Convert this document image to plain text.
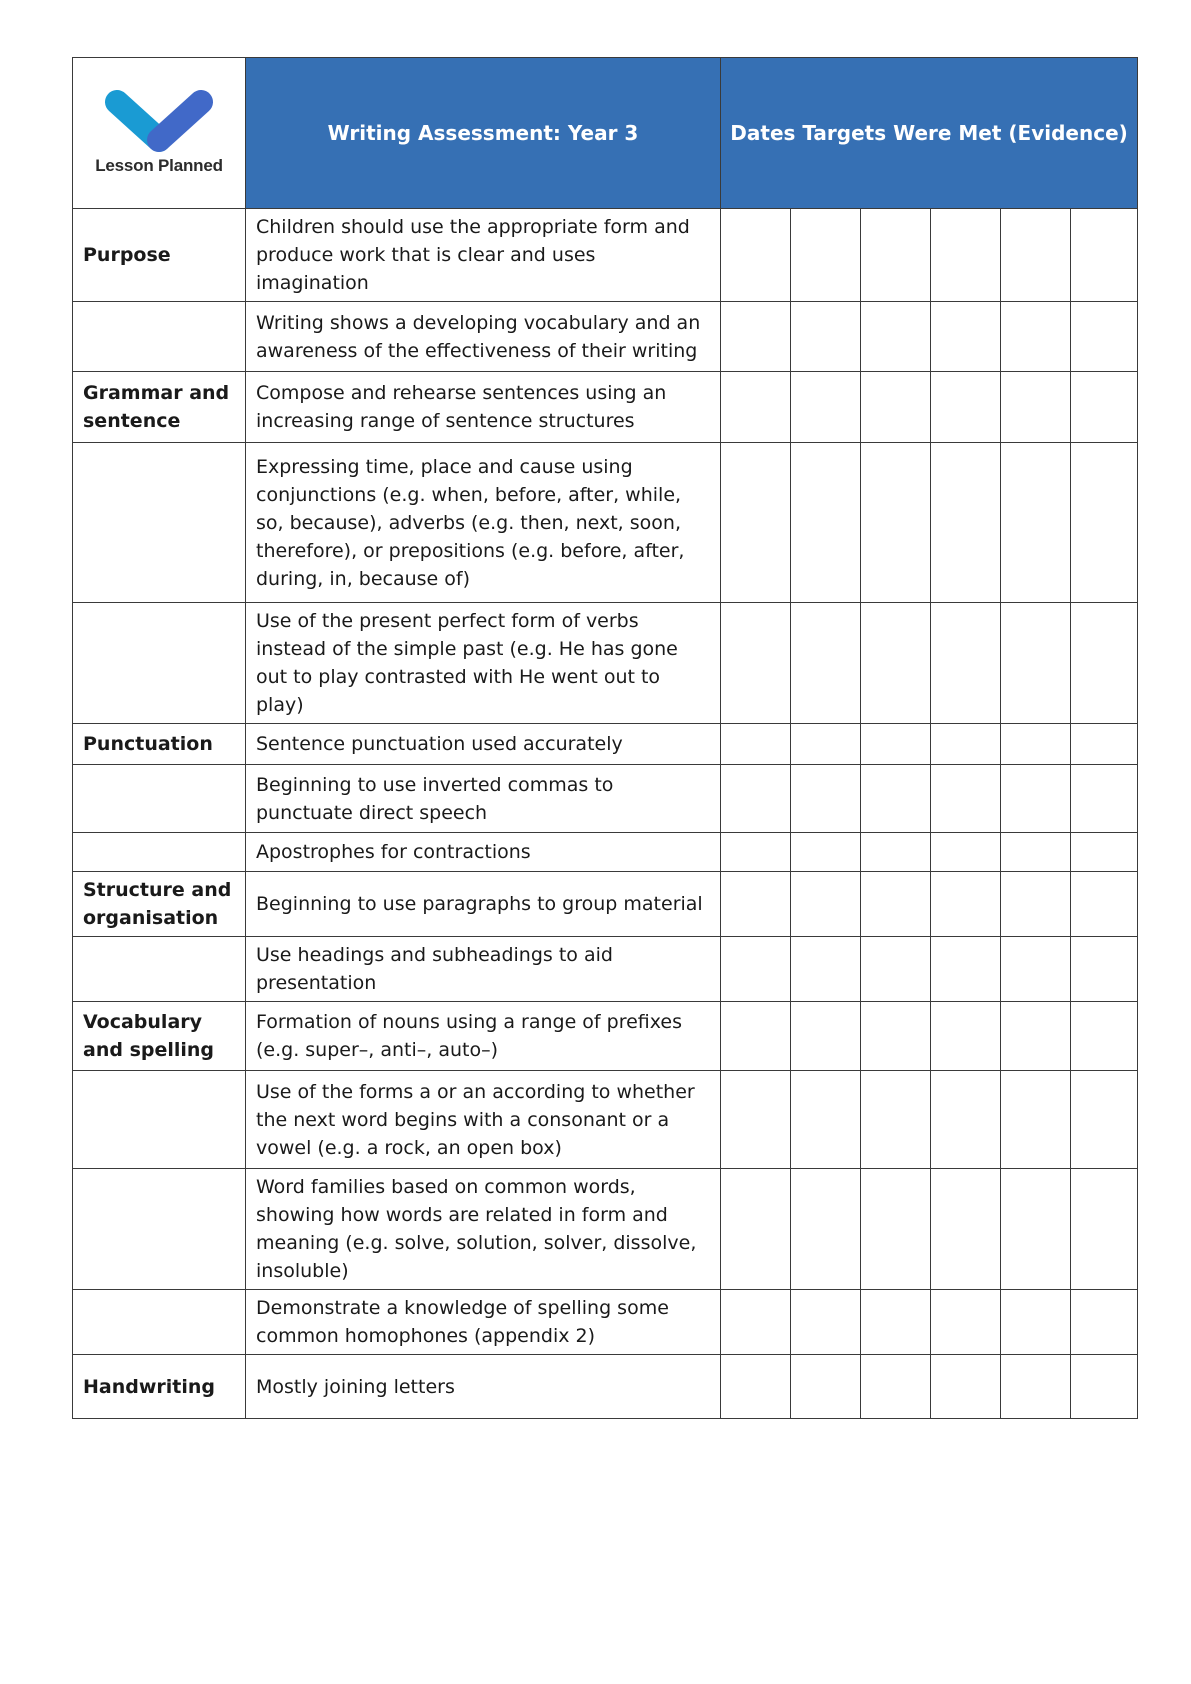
Lesson Planned	Writing Assessment: Year 3	Dates Targets Were Met (Evidence)					
Purpose	Children should use the appropriate form and produce work that is clear and uses imagination						
	Writing shows a developing vocabulary and an awareness of the effectiveness of their writing						
Grammar and sentence	Compose and rehearse sentences using an increasing range of sentence structures						
	Expressing time, place and cause using conjunctions (e.g. when, before, after, while, so, because), adverbs (e.g. then, next, soon, therefore), or prepositions (e.g. before, after, during, in, because of)						
	Use of the present perfect form of verbs instead of the simple past (e.g. He has gone out to play contrasted with He went out to play)						
Punctuation	Sentence punctuation used accurately						
	Beginning to use inverted commas to punctuate direct speech						
	Apostrophes for contractions						
Structure and organisation	Beginning to use paragraphs to group material						
	Use headings and subheadings to aid presentation						
Vocabulary and spelling	Formation of nouns using a range of prefixes (e.g. super–, anti–, auto–)						
	Use of the forms a or an according to whether the next word begins with a consonant or a vowel (e.g. a rock, an open box)						
	Word families based on common words, showing how words are related in form and meaning (e.g. solve, solution, solver, dissolve, insoluble)						
	Demonstrate a knowledge of spelling some common homophones (appendix 2)						
Handwriting	Mostly joining letters						
